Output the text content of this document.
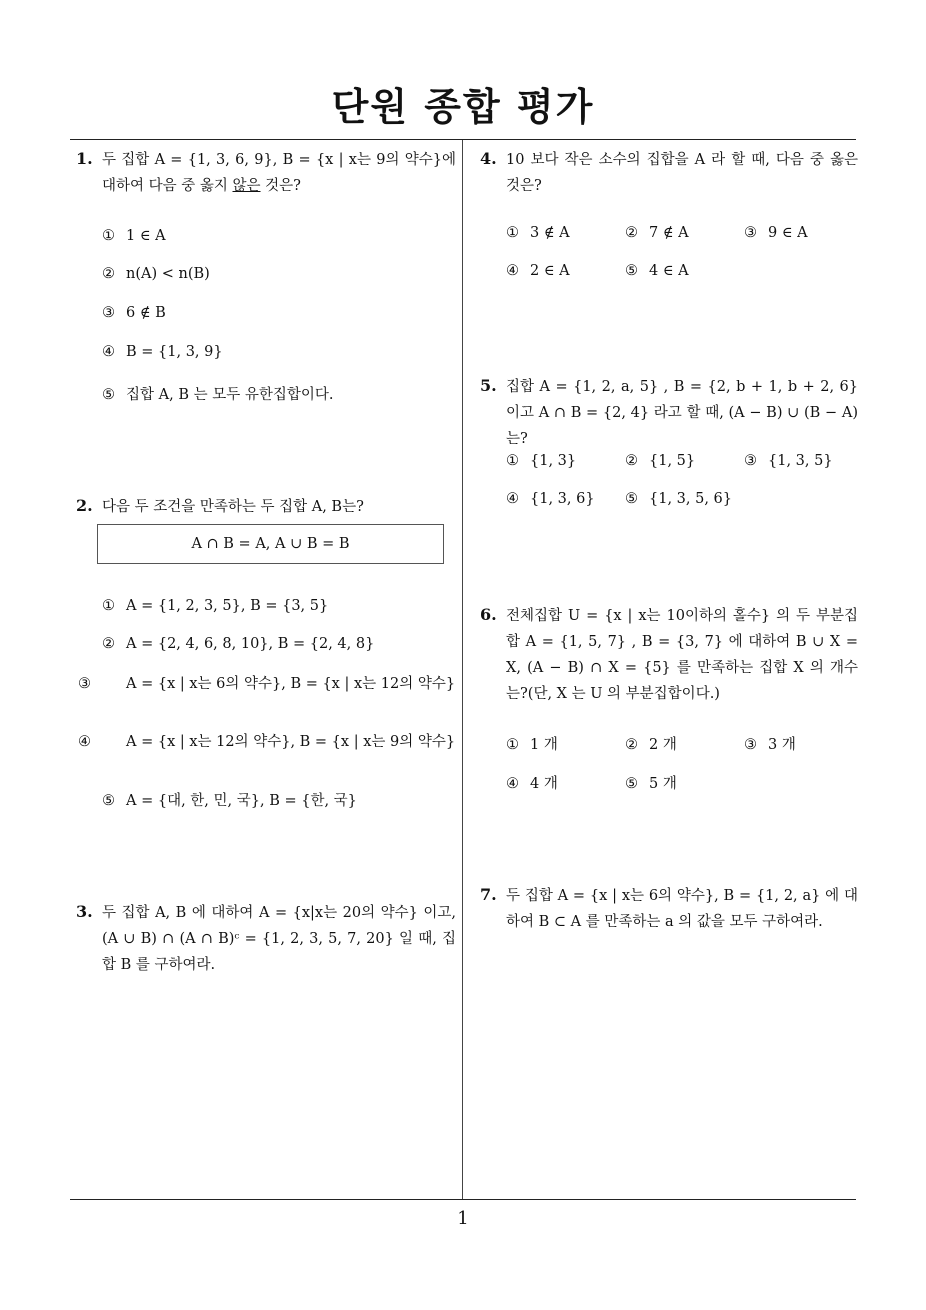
단원 종합 평가
1
1. 두 집합 A = {1, 3, 6, 9}, B = {x | x는 9의 약수}에 대하여 다음 중 옳지 않은 것은?
① 1 ∈ A
② n(A) < n(B)
③ 6 ∉ B
④ B = {1, 3, 9}
⑤ 집합 A, B 는 모두 유한집합이다.
2. 다음 두 조건을 만족하는 두 집합 A, B는?
A ∩ B = A, A ∪ B = B
① A = {1, 2, 3, 5}, B = {3, 5}
② A = {2, 4, 6, 8, 10}, B = {2, 4, 8}
③ A = {x | x는 6의 약수}, B = {x | x는 12의 약수}
④ A = {x | x는 12의 약수}, B = {x | x는 9의 약수}
⑤ A = {대, 한, 민, 국}, B = {한, 국}
3. 두 집합 A, B 에 대하여 A = {x|x는 20의 약수} 이고, (A ∪ B) ∩ (A ∩ B)ᶜ = {1, 2, 3, 5, 7, 20} 일 때, 집합 B 를 구하여라.
4. 10 보다 작은 소수의 집합을 A 라 할 때, 다음 중 옳은 것은?
① 3 ∉ A	② 7 ∉ A	③ 9 ∈ A
④ 2 ∈ A	⑤ 4 ∈ A
5. 집합 A = {1, 2, a, 5} , B = {2, b + 1, b + 2, 6} 이고 A ∩ B = {2, 4} 라고 할 때, (A − B) ∪ (B − A) 는?
① {1, 3}	② {1, 5}	③ {1, 3, 5}
④ {1, 3, 6} ⑤ {1, 3, 5, 6}
6. 전체집합 U = {x | x는 10이하의 홀수} 의 두 부분집합 A = {1, 5, 7} , B = {3, 7} 에 대하여 B ∪ X = X, (A − B) ∩ X = {5} 를 만족하는 집합 X 의 개수는?(단, X 는 U 의 부분집합이다.)
① 1 개	② 2 개	③ 3 개
④ 4 개	⑤ 5 개
7. 두 집합 A = {x | x는 6의 약수}, B = {1, 2, a} 에 대하여 B ⊂ A 를 만족하는 a 의 값을 모두 구하여라.
